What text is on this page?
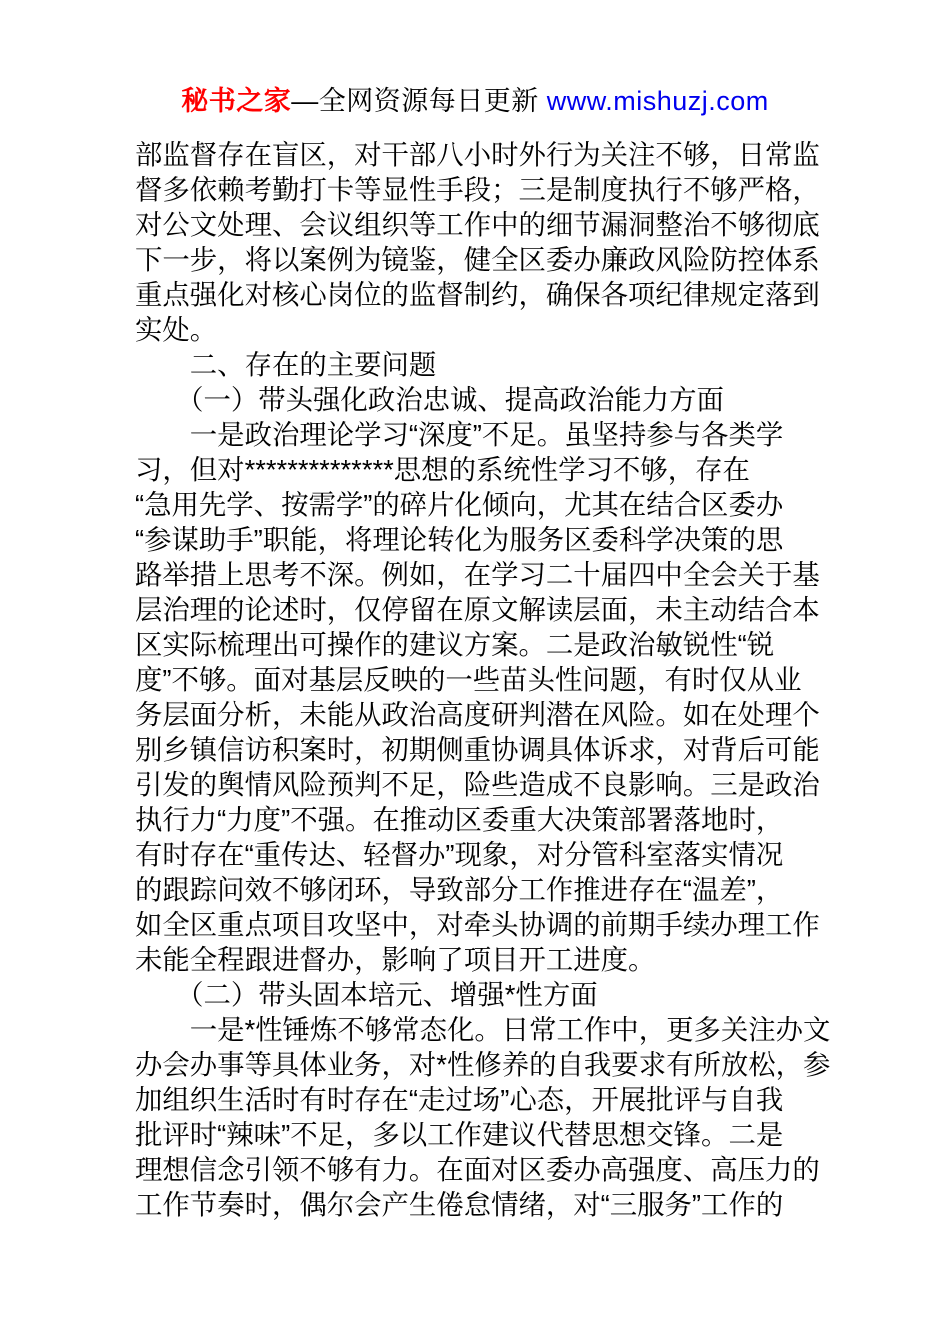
秘书之家—全网资源每日更新 www.mishuzj.com
部监督存在盲区，对干部八小时外行为关注不够，日常监
督多依赖考勤打卡等显性手段；三是制度执行不够严格，
对公文处理、会议组织等工作中的细节漏洞整治不够彻底
下一步，将以案例为镜鉴，健全区委办廉政风险防控体系
重点强化对核心岗位的监督制约，确保各项纪律规定落到
实处。
　　二、存在的主要问题
　　（一）带头强化政治忠诚、提高政治能力方面
　　一是政治理论学习“深度”不足。虽坚持参与各类学
习，但对**************思想的系统性学习不够，存在
“急用先学、按需学”的碎片化倾向，尤其在结合区委办
“参谋助手”职能，将理论转化为服务区委科学决策的思
路举措上思考不深。例如，在学习二十届四中全会关于基
层治理的论述时，仅停留在原文解读层面，未主动结合本
区实际梳理出可操作的建议方案。二是政治敏锐性“锐
度”不够。面对基层反映的一些苗头性问题，有时仅从业
务层面分析，未能从政治高度研判潜在风险。如在处理个
别乡镇信访积案时，初期侧重协调具体诉求，对背后可能
引发的舆情风险预判不足，险些造成不良影响。三是政治
执行力“力度”不强。在推动区委重大决策部署落地时，
有时存在“重传达、轻督办”现象，对分管科室落实情况
的跟踪问效不够闭环，导致部分工作推进存在“温差”，
如全区重点项目攻坚中，对牵头协调的前期手续办理工作
未能全程跟进督办，影响了项目开工进度。
　　（二）带头固本培元、增强*性方面
　　一是*性锤炼不够常态化。日常工作中，更多关注办文
办会办事等具体业务，对*性修养的自我要求有所放松，参
加组织生活时有时存在“走过场”心态，开展批评与自我
批评时“辣味”不足，多以工作建议代替思想交锋。二是
理想信念引领不够有力。在面对区委办高强度、高压力的
工作节奏时，偶尔会产生倦怠情绪，对“三服务”工作的
